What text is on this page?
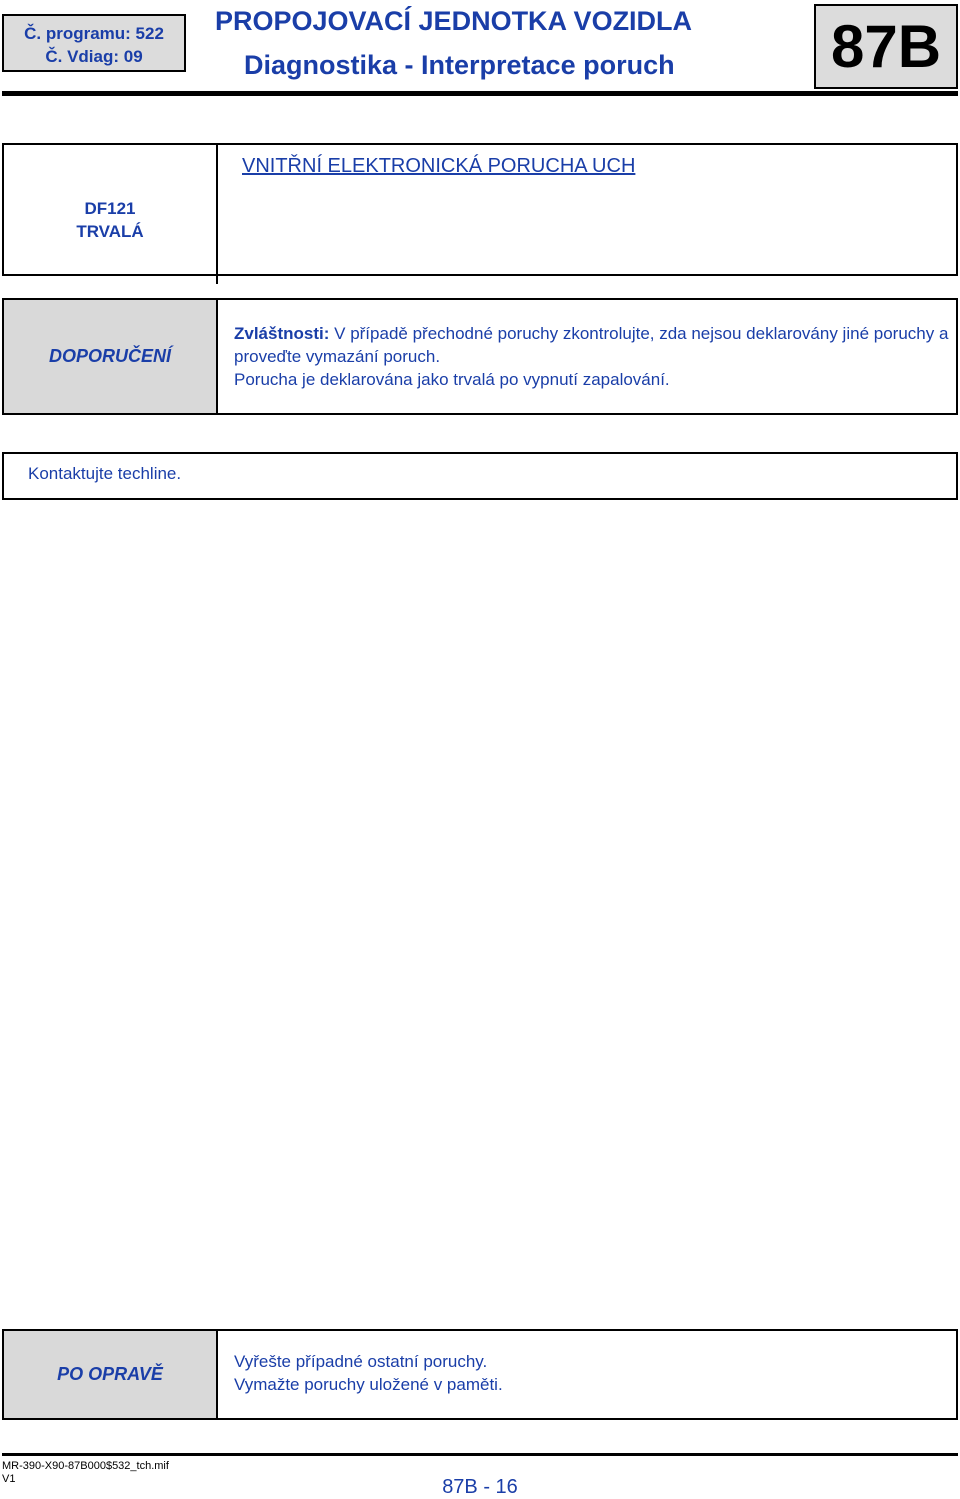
Č. programu: 522
Č. Vdiag: 09
PROPOJOVACÍ JEDNOTKA VOZIDLA
Diagnostika - Interpretace poruch	87B
DF121
TRVALÁ
VNITŘNÍ ELEKTRONICKÁ PORUCHA UCH
DOPORUČENÍ
Zvláštnosti: V případě přechodné poruchy zkontrolujte, zda nejsou deklarovány jiné poruchy a proveďte vymazání poruch.
Porucha je deklarována jako trvalá po vypnutí zapalování.
Kontaktujte techline.
PO OPRAVĚ
Vyřešte případné ostatní poruchy.
Vymažte poruchy uložené v paměti.
MR-390-X90-87B000$532_tch.mif
V1	87B - 16
